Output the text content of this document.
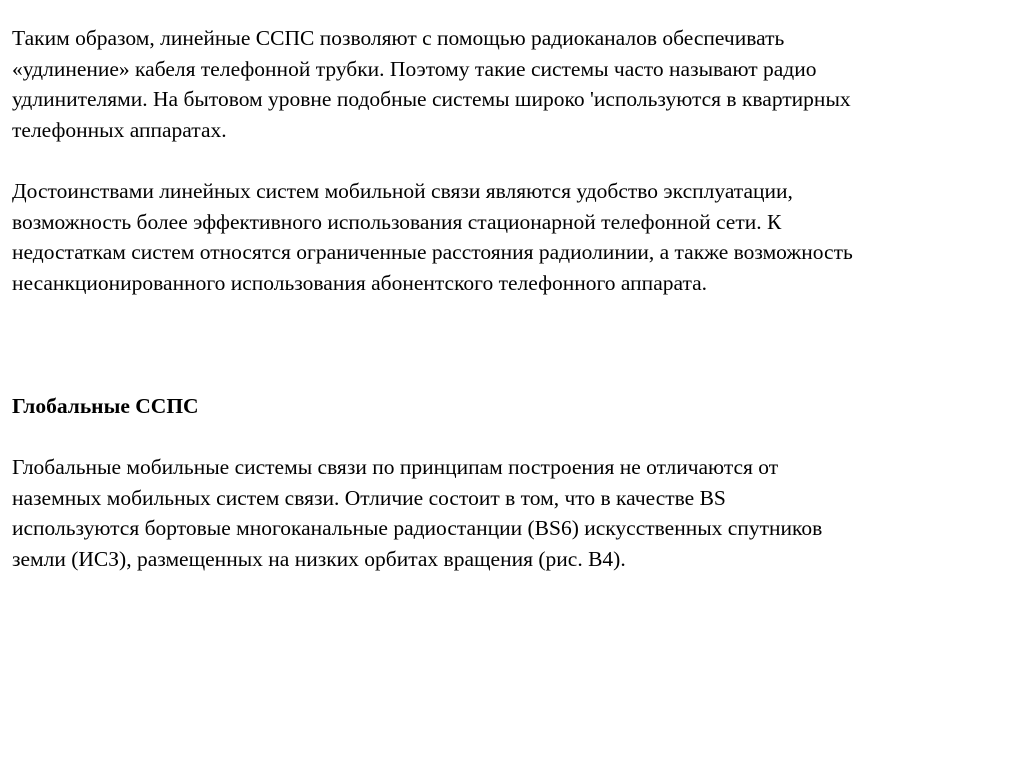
Таким образом, линейные ССПС позволяют с помощью радиоканалов обеспечивать
«удлинение» кабеля телефонной трубки. Поэтому такие системы часто называют радио
удлинителями. На бытовом уровне подобные системы широко 'используются в квартирных
телефонных аппаратах.

Достоинствами линейных систем мобильной связи являются удобство эксплуатации,
возможность более эффективного использования стационарной телефонной сети. К
недостаткам систем относятся ограниченные расстояния радиолинии, а также возможность
несанкционированного использования абонентского телефонного аппарата.

Глобальные ССПС

Глобальные мобильные системы связи по принципам построения не отличаются от
наземных мобильных систем связи. Отличие состоит в том, что в качестве BS
используются бортовые многоканальные радиостанции (BS6) искусственных спутников
земли (ИСЗ), размещенных на низких орбитах вращения (рис. В4).
